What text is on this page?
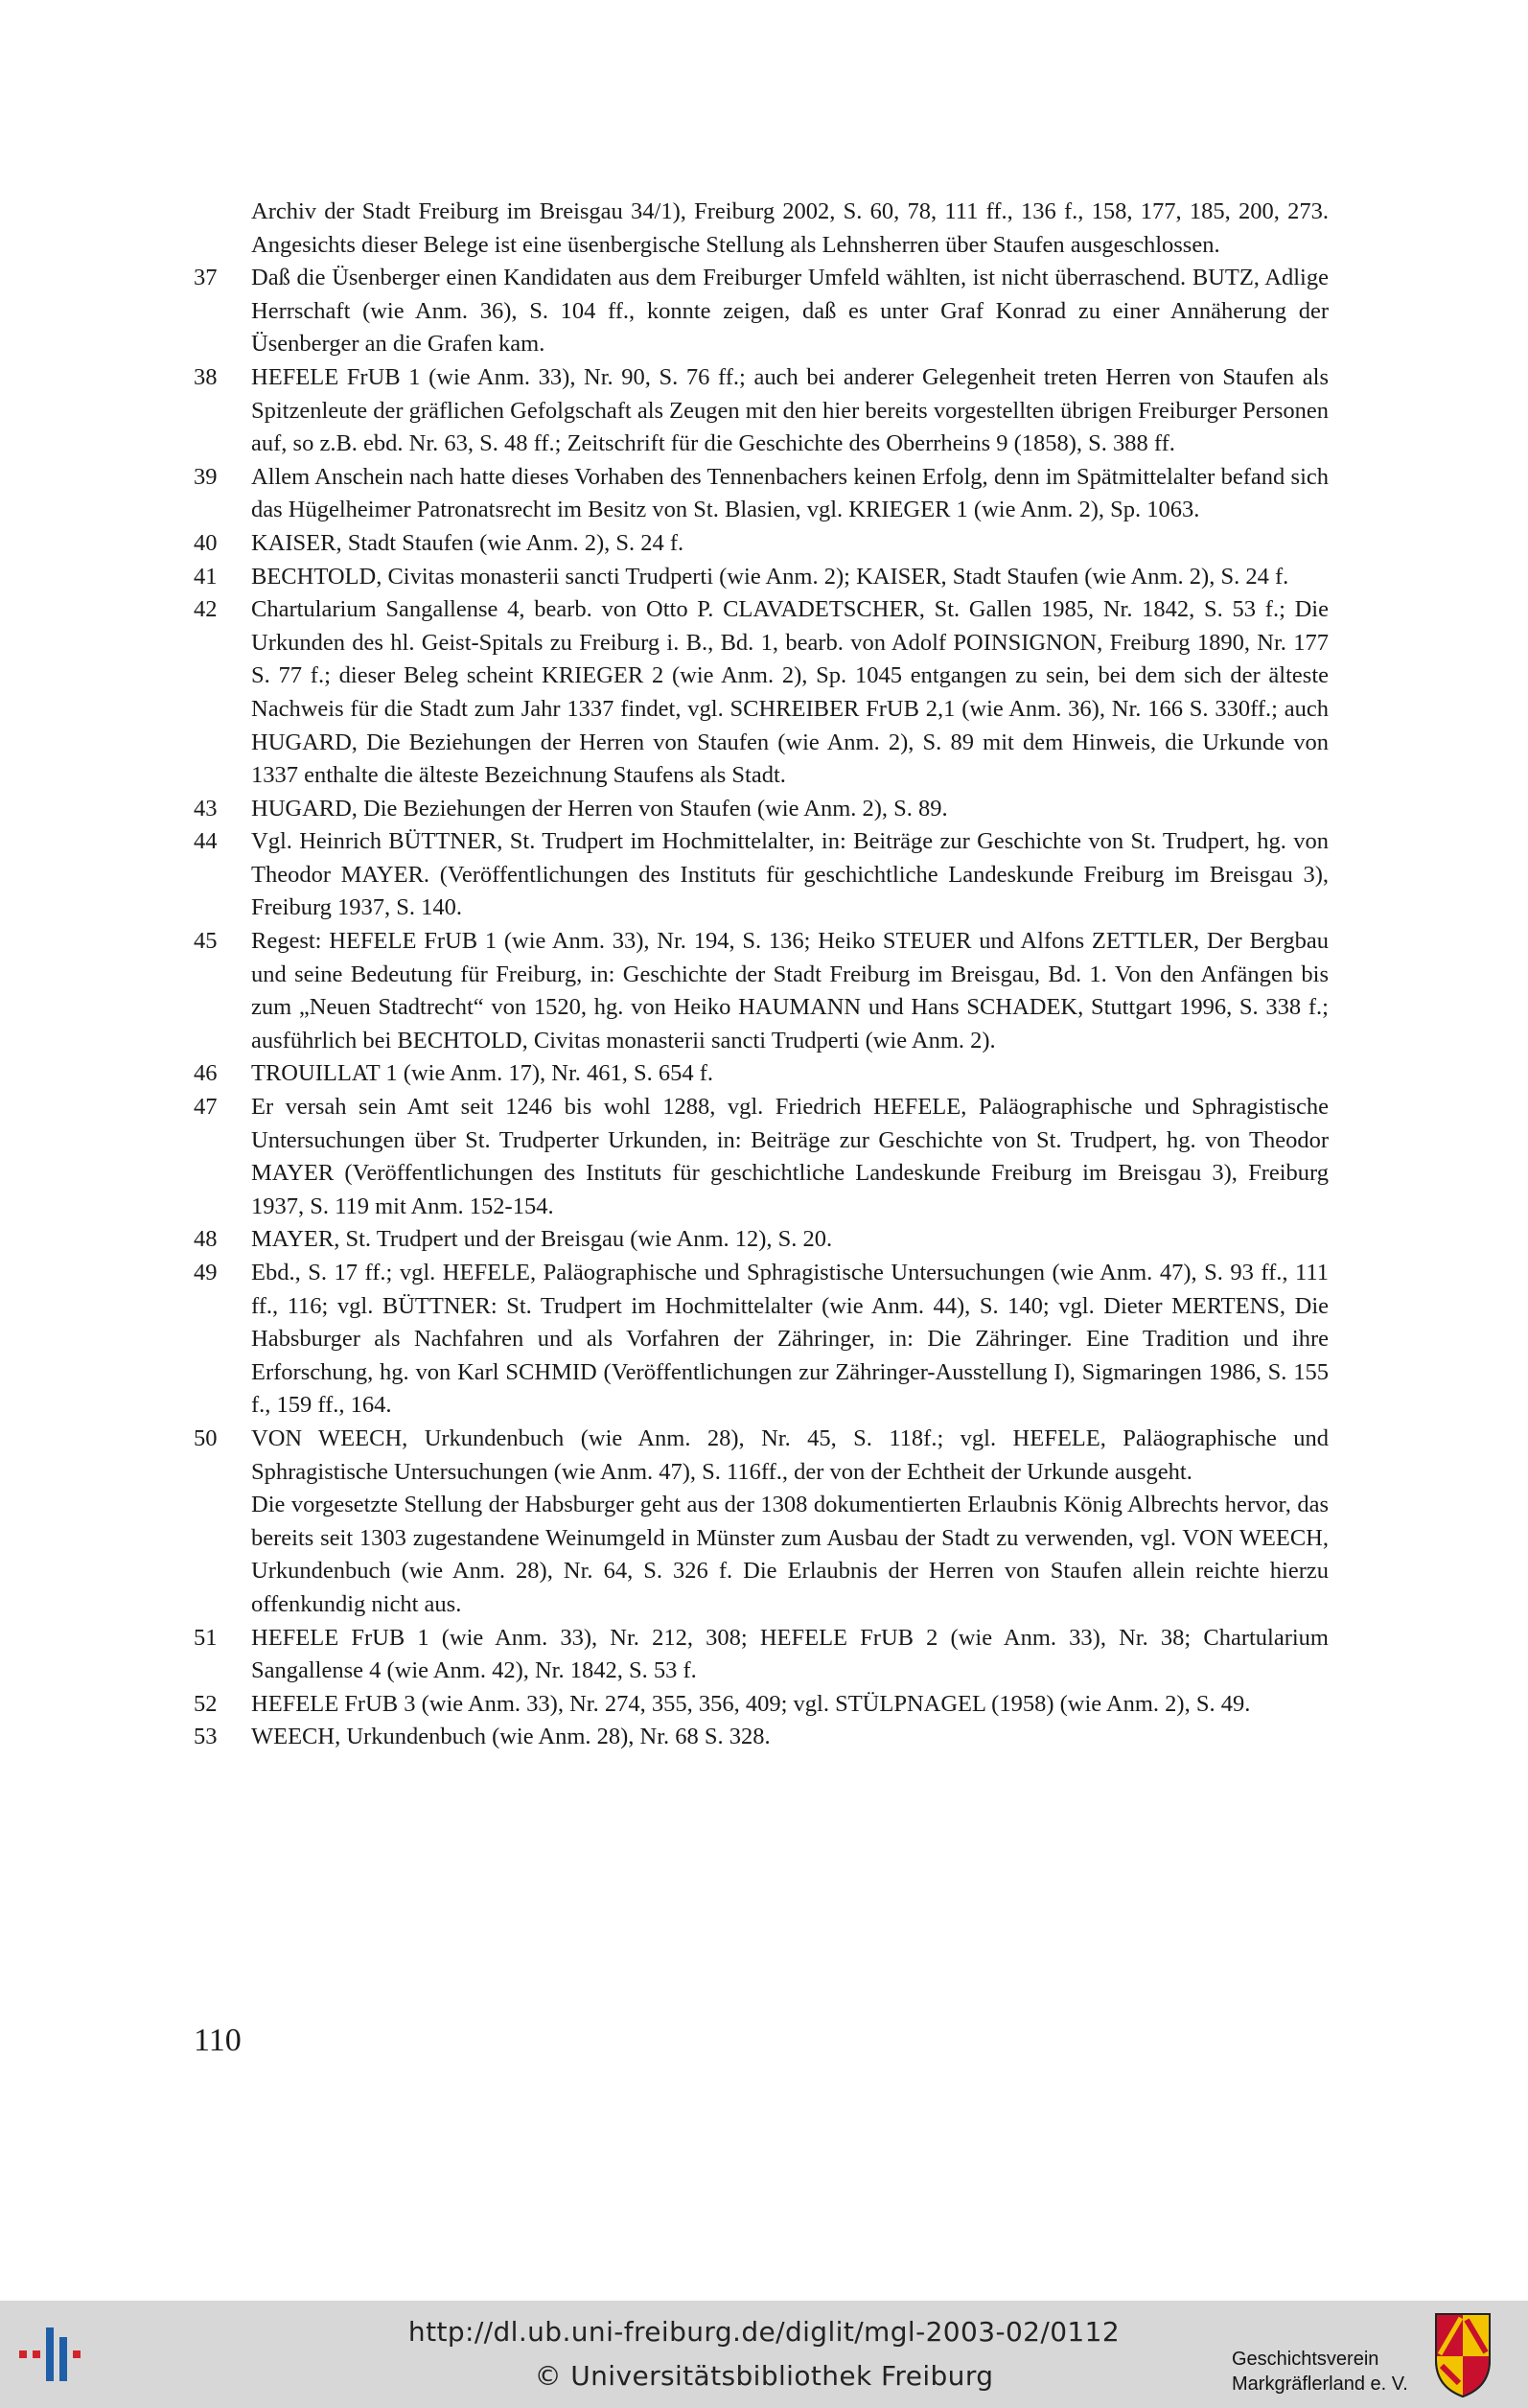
Archiv der Stadt Freiburg im Breisgau 34/1), Freiburg 2002, S. 60, 78, 111 ff., 136 f., 158, 177, 185, 200, 273. Angesichts dieser Belege ist eine üsenbergische Stellung als Lehnsherren über Staufen ausgeschlossen.

37	Daß die Üsenberger einen Kandidaten aus dem Freiburger Umfeld wählten, ist nicht überraschend. BUTZ, Adlige Herrschaft (wie Anm. 36), S. 104 ff., konnte zeigen, daß es unter Graf Konrad zu einer Annäherung der Üsenberger an die Grafen kam.

38	HEFELE FrUB 1 (wie Anm. 33), Nr. 90, S. 76 ff.; auch bei anderer Gelegenheit treten Herren von Staufen als Spitzenleute der gräflichen Gefolgschaft als Zeugen mit den hier bereits vorgestellten übrigen Freiburger Personen auf, so z.B. ebd. Nr. 63, S. 48 ff.; Zeitschrift für die Geschichte des Oberrheins 9 (1858), S. 388 ff.

39	Allem Anschein nach hatte dieses Vorhaben des Tennenbachers keinen Erfolg, denn im Spätmittelalter befand sich das Hügelheimer Patronatsrecht im Besitz von St. Blasien, vgl. KRIEGER 1 (wie Anm. 2), Sp. 1063.

40	KAISER, Stadt Staufen (wie Anm. 2), S. 24 f.

41	BECHTOLD, Civitas monasterii sancti Trudperti (wie Anm. 2); KAISER, Stadt Staufen (wie Anm. 2), S. 24 f.

42	Chartularium Sangallense 4, bearb. von Otto P. CLAVADETSCHER, St. Gallen 1985, Nr. 1842, S. 53 f.; Die Urkunden des hl. Geist-Spitals zu Freiburg i. B., Bd. 1, bearb. von Adolf POINSIGNON, Freiburg 1890, Nr. 177 S. 77 f.; dieser Beleg scheint KRIEGER 2 (wie Anm. 2), Sp. 1045 entgangen zu sein, bei dem sich der älteste Nachweis für die Stadt zum Jahr 1337 findet, vgl. SCHREIBER FrUB 2,1 (wie Anm. 36), Nr. 166 S. 330ff.; auch HUGARD, Die Beziehungen der Herren von Staufen (wie Anm. 2), S. 89 mit dem Hinweis, die Urkunde von 1337 enthalte die älteste Bezeichnung Staufens als Stadt.

43	HUGARD, Die Beziehungen der Herren von Staufen (wie Anm. 2), S. 89.

44	Vgl. Heinrich BÜTTNER, St. Trudpert im Hochmittelalter, in: Beiträge zur Geschichte von St. Trudpert, hg. von Theodor MAYER. (Veröffentlichungen des Instituts für geschichtliche Landeskunde Freiburg im Breisgau 3), Freiburg 1937, S. 140.

45	Regest: HEFELE FrUB 1 (wie Anm. 33), Nr. 194, S. 136; Heiko STEUER und Alfons ZETTLER, Der Bergbau und seine Bedeutung für Freiburg, in: Geschichte der Stadt Freiburg im Breisgau, Bd. 1. Von den Anfängen bis zum „Neuen Stadtrecht“ von 1520, hg. von Heiko HAUMANN und Hans SCHADEK, Stuttgart 1996, S. 338 f.; ausführlich bei BECHTOLD, Civitas monasterii sancti Trudperti (wie Anm. 2).

46	TROUILLAT 1 (wie Anm. 17), Nr. 461, S. 654 f.

47	Er versah sein Amt seit 1246 bis wohl 1288, vgl. Friedrich HEFELE, Paläographische und Sphragistische Untersuchungen über St. Trudperter Urkunden, in: Beiträge zur Geschichte von St. Trudpert, hg. von Theodor MAYER (Veröffentlichungen des Instituts für geschichtliche Landeskunde Freiburg im Breisgau 3), Freiburg 1937, S. 119 mit Anm. 152-154.

48	MAYER, St. Trudpert und der Breisgau (wie Anm. 12), S. 20.

49	Ebd., S. 17 ff.; vgl. HEFELE, Paläographische und Sphragistische Untersuchungen (wie Anm. 47), S. 93 ff., 111 ff., 116; vgl. BÜTTNER: St. Trudpert im Hochmittelalter (wie Anm. 44), S. 140; vgl. Dieter MERTENS, Die Habsburger als Nachfahren und als Vorfahren der Zähringer, in: Die Zähringer. Eine Tradition und ihre Erforschung, hg. von Karl SCHMID (Veröffentlichungen zur Zähringer-Ausstellung I), Sigmaringen 1986, S. 155 f., 159 ff., 164.

50	VON WEECH, Urkundenbuch (wie Anm. 28), Nr. 45, S. 118f.; vgl. HEFELE, Paläographische und Sphragistische Untersuchungen (wie Anm. 47), S. 116ff., der von der Echtheit der Urkunde ausgeht.

Die vorgesetzte Stellung der Habsburger geht aus der 1308 dokumentierten Erlaubnis König Albrechts hervor, das bereits seit 1303 zugestandene Weinumgeld in Münster zum Ausbau der Stadt zu verwenden, vgl. VON WEECH, Urkundenbuch (wie Anm. 28), Nr. 64, S. 326 f. Die Erlaubnis der Herren von Staufen allein reichte hierzu offenkundig nicht aus.

51	HEFELE FrUB 1 (wie Anm. 33), Nr. 212, 308; HEFELE FrUB 2 (wie Anm. 33), Nr. 38; Chartularium Sangallense 4 (wie Anm. 42), Nr. 1842, S. 53 f.

52	HEFELE FrUB 3 (wie Anm. 33), Nr. 274, 355, 356, 409; vgl. STÜLPNAGEL (1958) (wie Anm. 2), S. 49.

53	WEECH, Urkundenbuch (wie Anm. 28), Nr. 68 S. 328.

110
http://dl.ub.uni-freiburg.de/diglit/mgl-2003-02/0112
© Universitätsbibliothek Freiburg
Geschichtsverein
Markgräflerland e. V.
